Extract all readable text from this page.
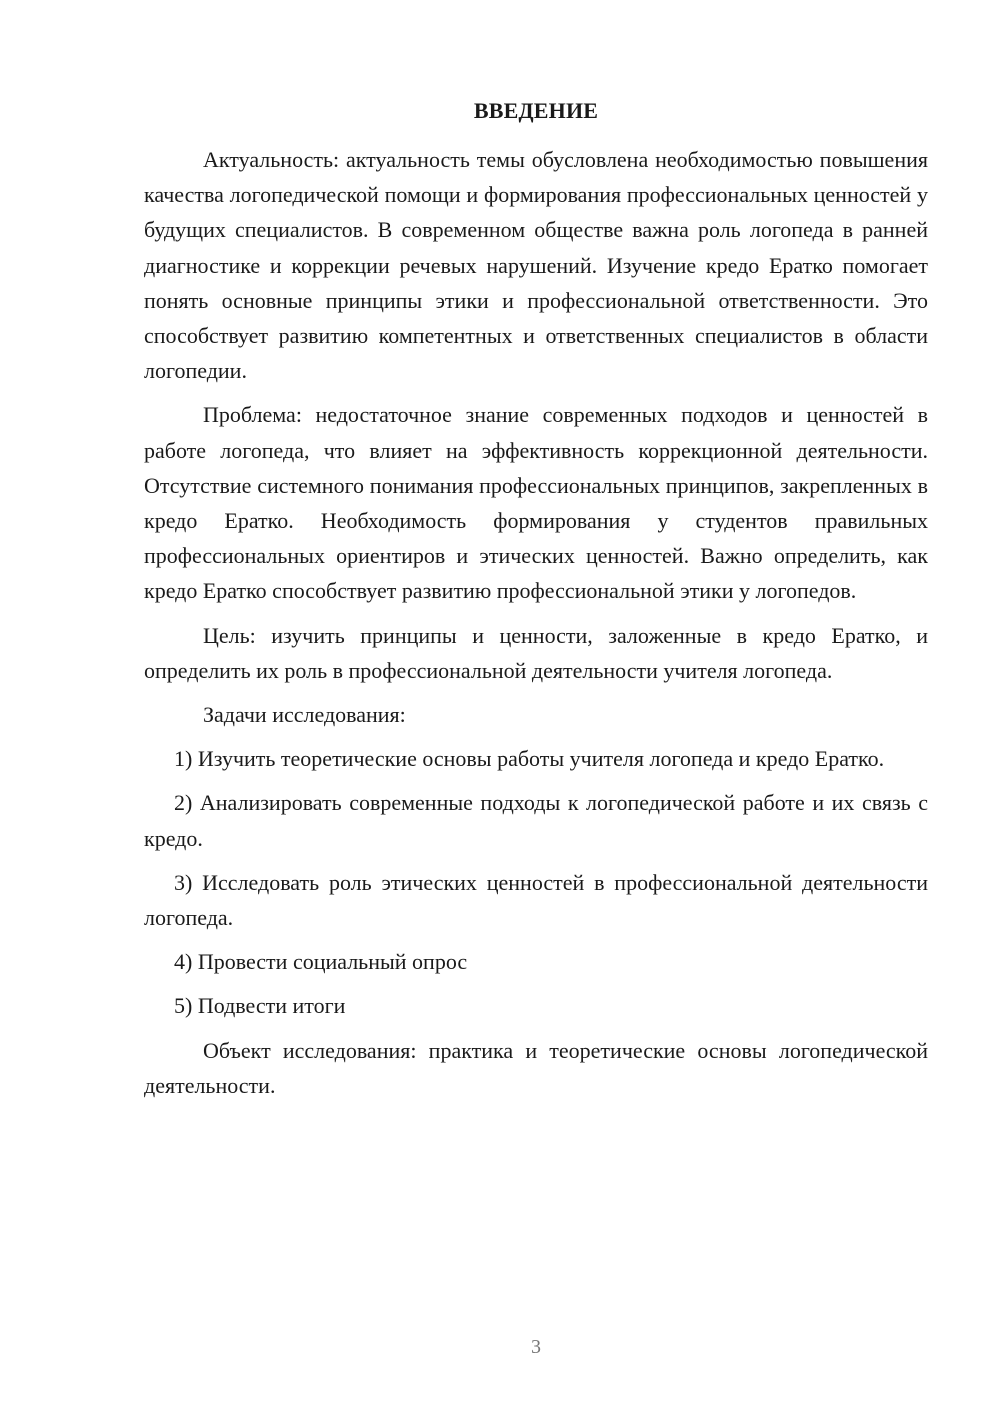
ВВЕДЕНИЕ

Актуальность: актуальность темы обусловлена необходимостью повышения качества логопедической помощи и формирования профессиональных ценностей у будущих специалистов. В современном обществе важна роль логопеда в ранней диагностике и коррекции речевых нарушений. Изучение кредо Ератко помогает понять основные принципы этики и профессиональной ответственности. Это способствует развитию компетентных и ответственных специалистов в области логопедии.

Проблема: недостаточное знание современных подходов и ценностей в работе логопеда, что влияет на эффективность коррекционной деятельности. Отсутствие системного понимания профессиональных принципов, закрепленных в кредо Ератко. Необходимость формирования у студентов правильных профессиональных ориентиров и этических ценностей. Важно определить, как кредо Ератко способствует развитию профессиональной этики у логопедов.

Цель: изучить принципы и ценности, заложенные в кредо Ератко, и определить их роль в профессиональной деятельности учителя логопеда.

Задачи исследования:

1) Изучить теоретические основы работы учителя логопеда и кредо Ератко.

2) Анализировать современные подходы к логопедической работе и их связь с кредо.

3) Исследовать роль этических ценностей в профессиональной деятельности логопеда.

4) Провести социальный опрос

5) Подвести итоги

Объект исследования: практика и теоретические основы логопедической деятельности.

3
